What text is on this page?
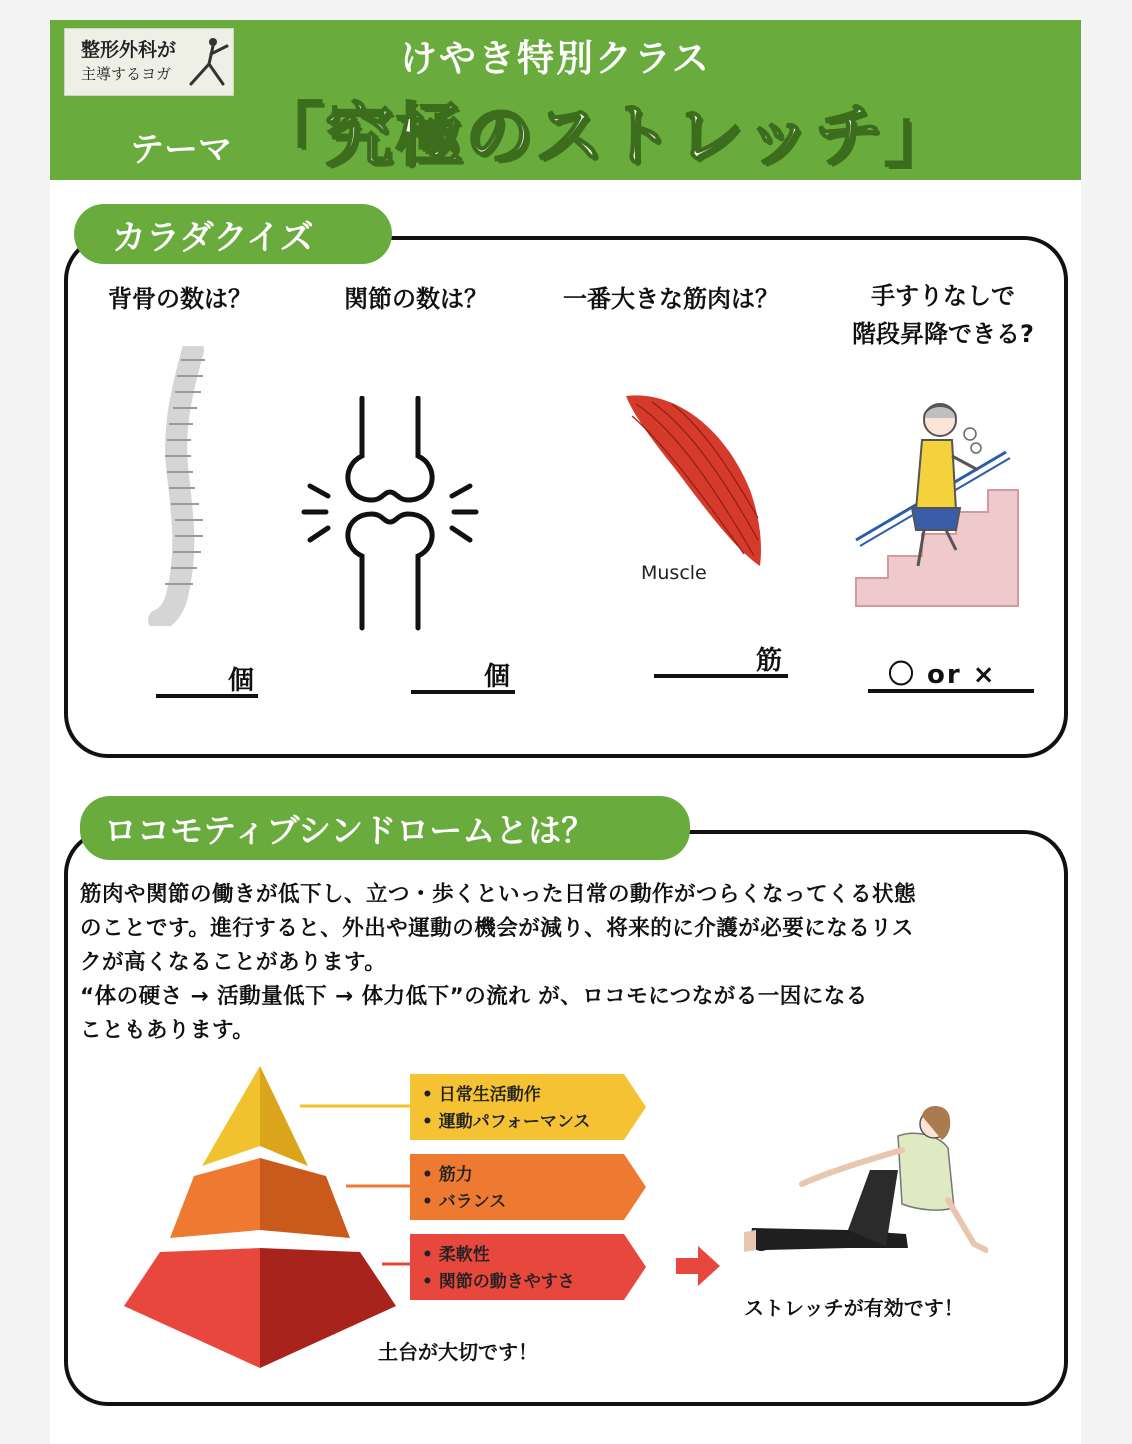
整形外科が
主導するヨガ	けやき特別クラス
テーマ 「究極のストレッチ」
カラダクイズ
背骨の数は？
個
関節の数は？
個
一番大きな筋肉は？
Muscle
筋
手すりなしで
階段昇降できる?
〇 or ×
ロコモティブシンドロームとは？

筋肉や関節の働きが低下し、立つ・歩くといった日常の動作がつらくなってくる状態

のことです。進行すると、外出や運動の機会が減り、将来的に介護が必要になるリス

クが高くなることがあります。

“体の硬さ → 活動量低下 → 体力低下”の流れ が、ロコモにつながる一因になる

こともあります。

• 日常生活動作
• 運動パフォーマンス
• 筋力
• バランス
• 柔軟性
• 関節の動きやすさ
土台が大切です！
ストレッチが有効です！
